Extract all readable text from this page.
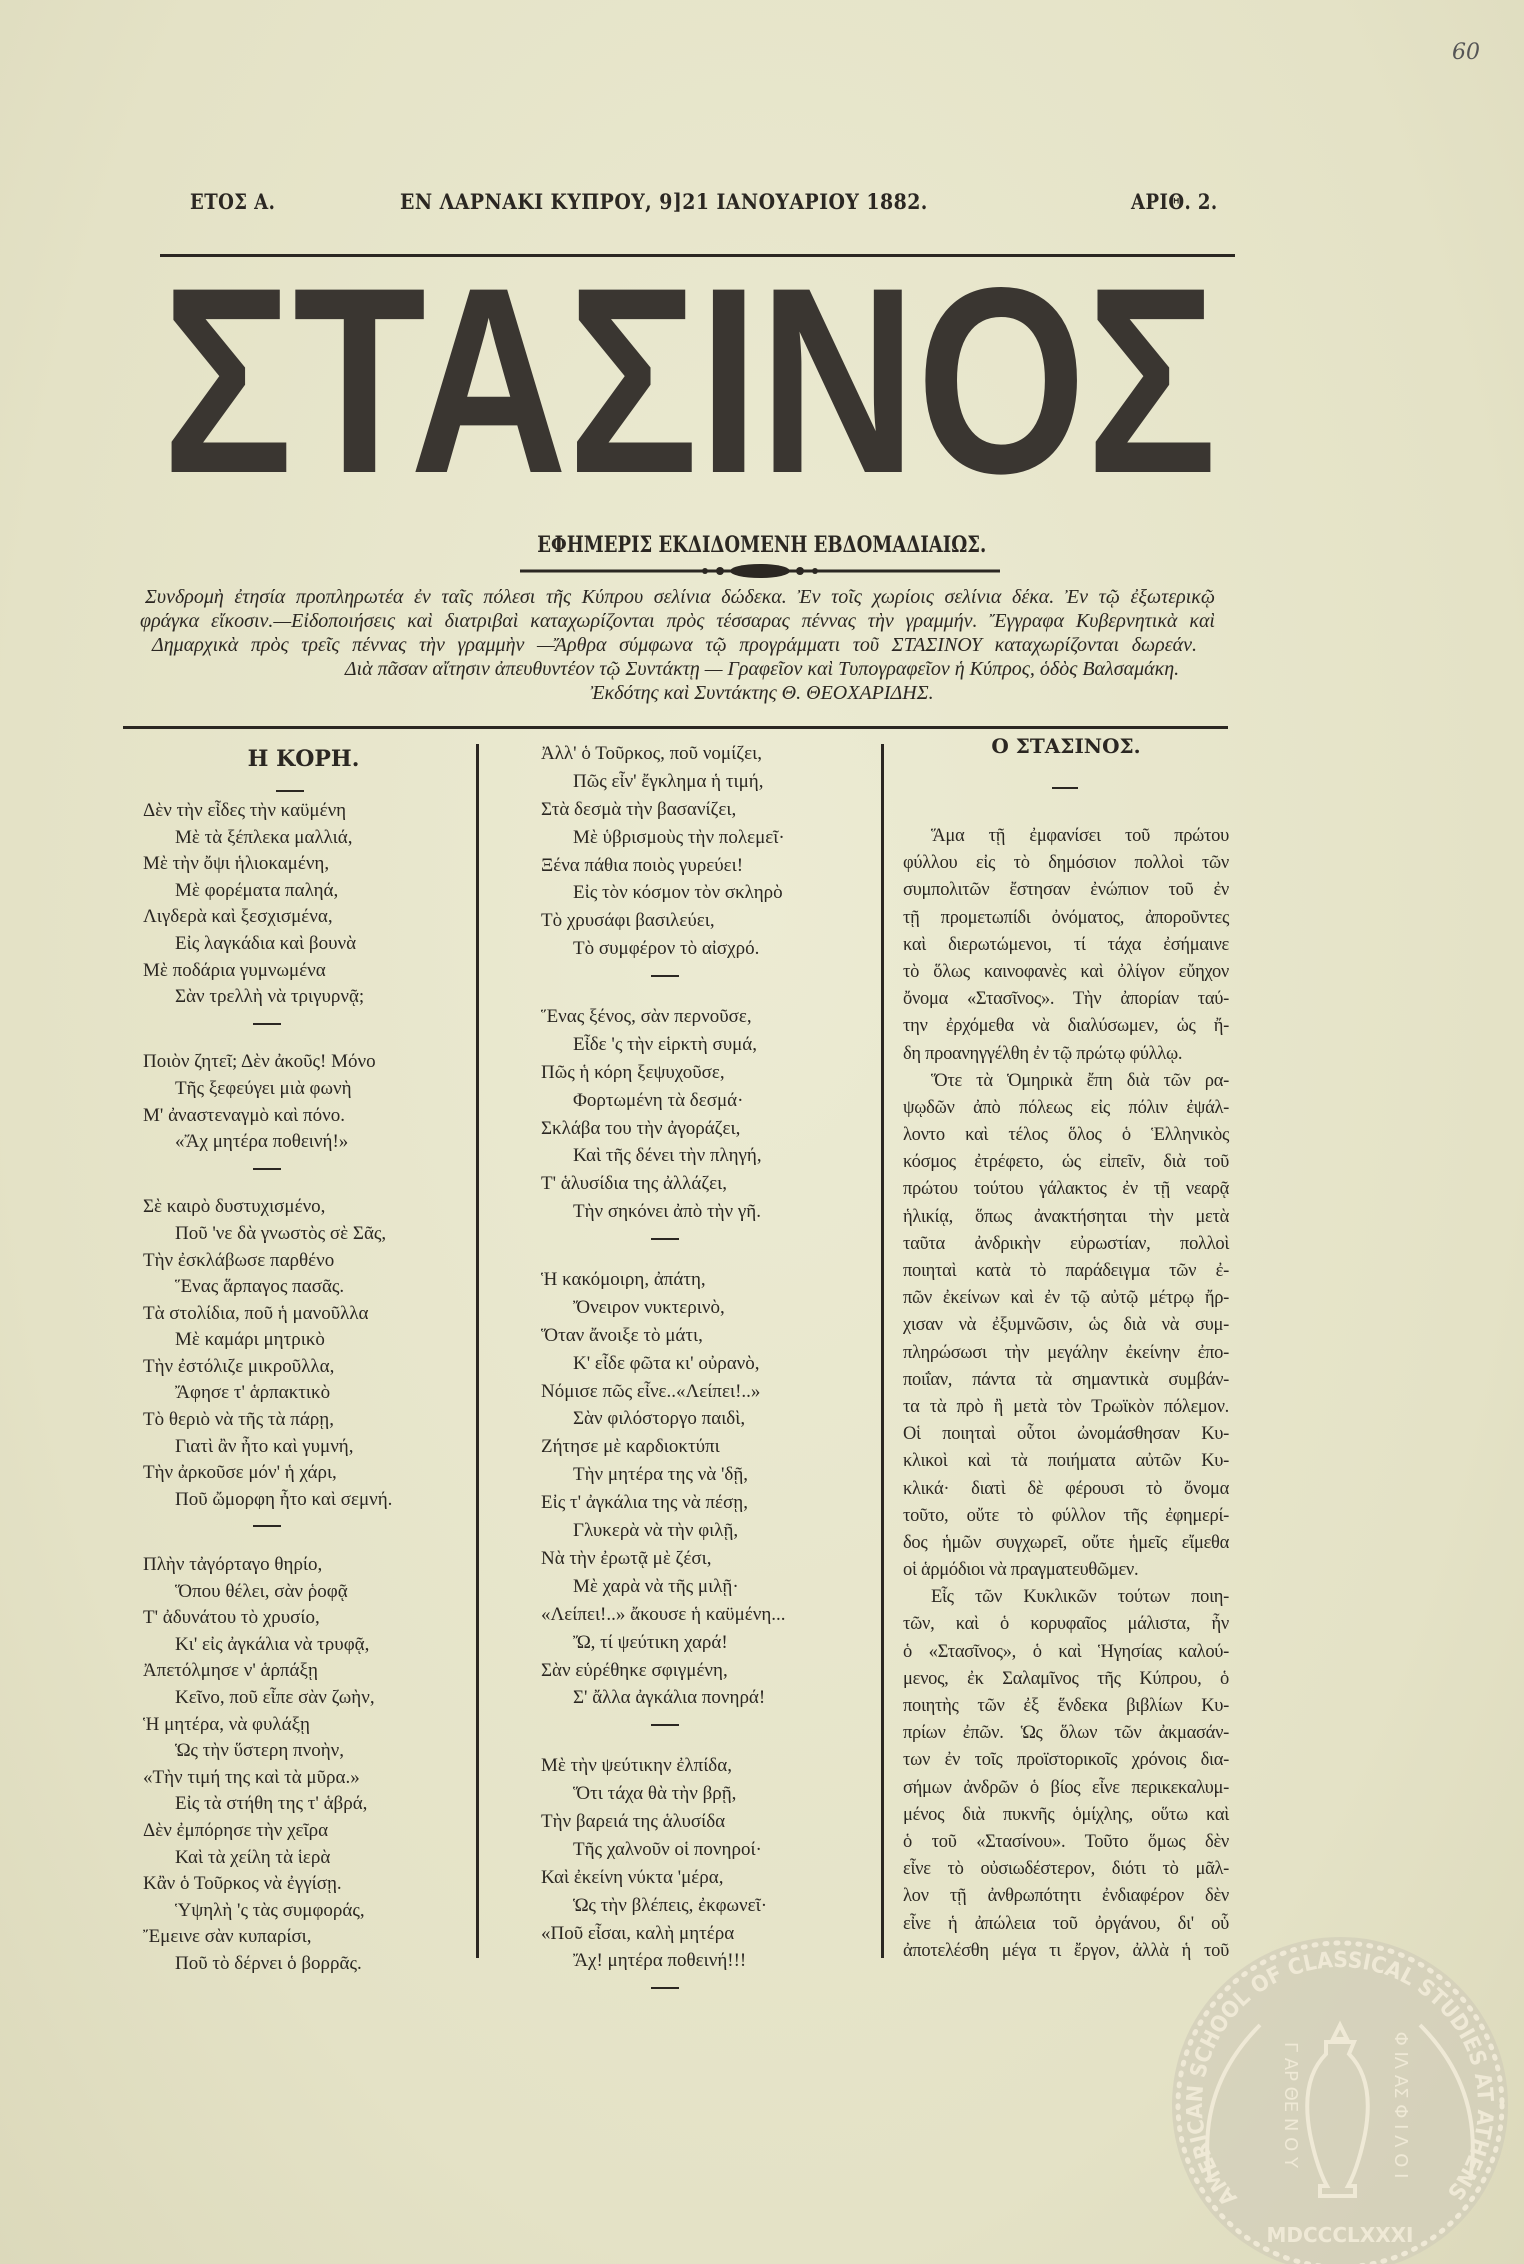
60
ΕΤΟΣ Α.	ΕΝ ΛΑΡΝΑΚΙ ΚΥΠΡΟΥ, 9]21 ΙΑΝΟΥΑΡΙΟΥ 1882.	ΑΡΙΘ. 2.
ΣΤΑΣΙΝΟΣ
ΕΦΗΜΕΡΙΣ ΕΚΔΙΔΟΜΕΝΗ ΕΒΔΟΜΑΔΙΑΙΩΣ.
Συνδρομὴ ἐτησία προπληρωτέα ἐν ταῖς πόλεσι τῆς Κύπρου σελίνια δώδεκα. Ἐν τοῖς χωρίοις σελίνια δέκα. Ἐν τῷ ἐξωτερικῷ
φράγκα εἴκοσιν.—Εἰδοποιήσεις καὶ διατριβαὶ καταχωρίζονται πρὸς τέσσαρας πέννας τὴν γραμμήν. Ἔγγραφα Κυβερνητικὰ καὶ
Δημαρχικὰ πρὸς τρεῖς πέννας τὴν γραμμὴν —Ἄρθρα σύμφωνα τῷ προγράμματι τοῦ ΣΤΑΣΙΝΟΥ καταχωρίζονται δωρεάν.
Διὰ πᾶσαν αἴτησιν ἀπευθυντέον τῷ Συντάκτῃ — Γραφεῖον καὶ Τυπογραφεῖον ἡ Κύπρος, ὁδὸς Βαλσαμάκη.
Ἐκδότης καὶ Συντάκτης Θ. ΘΕΟΧΑΡΙΔΗΣ.
Η ΚΟΡΗ.
Δὲν τὴν εἶδες τὴν καϋμένη
Μὲ τὰ ξέπλεκα μαλλιά,
Μὲ τὴν ὄψι ἡλιοκαμένη,
Μὲ φορέματα παληά,
Λιγδερὰ καὶ ξεσχισμένα,
Εἰς λαγκάδια καὶ βουνὰ
Μὲ ποδάρια γυμνωμένα
Σὰν τρελλὴ νὰ τριγυρνᾷ;
Ποιὸν ζητεῖ; Δὲν ἀκοῦς! Μόνο
Τῆς ξεφεύγει μιὰ φωνὴ
Μ' ἀναστεναγμὸ καὶ πόνο.
«Ἄχ μητέρα ποθεινή!»
Σὲ καιρὸ δυστυχισμένο,
Ποῦ 'νε δὰ γνωστὸς σὲ Σᾶς,
Τὴν ἐσκλάβωσε παρθένο
Ἕνας ἅρπαγος πασᾶς.
Τὰ στολίδια, ποῦ ἡ μανοῦλλα
Μὲ καμάρι μητρικὸ
Τὴν ἐστόλιζε μικροῦλλα,
Ἄφησε τ' ἁρπακτικὸ
Τὸ θεριὸ νὰ τῆς τὰ πάρῃ,
Γιατὶ ἂν ἦτο καὶ γυμνή,
Τὴν ἀρκοῦσε μόν' ἡ χάρι,
Ποῦ ὤμορφη ἦτο καὶ σεμνή.
Πλὴν τἀγόρταγο θηρίο,
Ὅπου θέλει, σὰν ῥοφᾷ
Τ' ἀδυνάτου τὸ χρυσίο,
Κι' εἰς ἀγκάλια νὰ τρυφᾷ,
Ἀπετόλμησε ν' ἁρπάξῃ
Κεῖνο, ποῦ εἶπε σὰν ζωὴν,
Ἡ μητέρα, νὰ φυλάξῃ
Ὡς τὴν ὕστερη πνοὴν,
«Τὴν τιμή της καὶ τὰ μῦρα.»
Εἰς τὰ στήθη της τ' ἁβρά,
Δὲν ἐμπόρησε τὴν χεῖρα
Καὶ τὰ χείλη τὰ ἱερὰ
Κἂν ὁ Τοῦρκος νὰ ἐγγίσῃ.
Ὑψηλὴ 'ς τὰς συμφοράς,
Ἔμεινε σὰν κυπαρίσι,
Ποῦ τὸ δέρνει ὁ βορρᾶς.
Ἀλλ' ὁ Τοῦρκος, ποῦ νομίζει,
Πῶς εἶν' ἔγκλημα ἡ τιμή,
Στὰ δεσμὰ τὴν βασανίζει,
Μὲ ὑβρισμοὺς τὴν πολεμεῖ·
Ξένα πάθια ποιὸς γυρεύει!
Εἰς τὸν κόσμον τὸν σκληρὸ
Τὸ χρυσάφι βασιλεύει,
Τὸ συμφέρον τὸ αἰσχρό.
Ἕνας ξένος, σὰν περνοῦσε,
Εἶδε 'ς τὴν εἱρκτὴ συμά,
Πῶς ἡ κόρη ξεψυχοῦσε,
Φορτωμένη τὰ δεσμά·
Σκλάβα του τὴν ἀγοράζει,
Καὶ τῆς δένει τὴν πληγή,
Τ' ἁλυσίδια της ἀλλάζει,
Τὴν σηκόνει ἀπὸ τὴν γῆ.
Ἡ κακόμοιρη, ἀπάτη,
Ὄνειρον νυκτερινὸ,
Ὅταν ἄνοιξε τὸ μάτι,
Κ' εἶδε φῶτα κι' οὐρανὸ,
Νόμισε πῶς εἶνε..«Λείπει!..»
Σὰν φιλόστοργο παιδὶ,
Ζήτησε μὲ καρδιοκτύπι
Τὴν μητέρα της νὰ 'δῇ,
Εἰς τ' ἀγκάλια της νὰ πέσῃ,
Γλυκερὰ νὰ τὴν φιλῇ,
Νὰ τὴν ἐρωτᾷ μὲ ζέσι,
Μὲ χαρὰ νὰ τῆς μιλῇ·
«Λείπει!..» ἄκουσε ἡ καϋμένη...
Ὤ, τί ψεύτικη χαρά!
Σὰν εὑρέθηκε σφιγμένη,
Σ' ἄλλα ἀγκάλια πονηρά!
Μὲ τὴν ψεύτικην ἐλπίδα,
Ὅτι τάχα θὰ τὴν βρῇ,
Τὴν βαρειά της ἁλυσίδα
Τῆς χαλνοῦν οἱ πονηροί·
Καὶ ἐκείνη νύκτα 'μέρα,
Ὡς τὴν βλέπεις, ἐκφωνεῖ·
«Ποῦ εἶσαι, καλὴ μητέρα
Ἄχ! μητέρα ποθεινή!!!
Ο ΣΤΑΣΙΝΟΣ.
Ἅμα τῇ ἐμφανίσει τοῦ πρώτου
φύλλου εἰς τὸ δημόσιον πολλοὶ τῶν
συμπολιτῶν ἔστησαν ἐνώπιον τοῦ ἐν
τῇ προμετωπίδι ὀνόματος, ἀποροῦντες
καὶ διερωτώμενοι, τί τάχα ἐσήμαινε
τὸ ὅλως καινοφανὲς καὶ ὀλίγον εὔηχον
ὄνομα «Στασῖνος». Τὴν ἀπορίαν ταύ-
την ἐρχόμεθα νὰ διαλύσωμεν, ὡς ἤ-
δη προανηγγέλθη ἐν τῷ πρώτῳ φύλλῳ.
Ὅτε τὰ Ὁμηρικὰ ἔπη διὰ τῶν ρα-
ψῳδῶν ἀπὸ πόλεως εἰς πόλιν ἐψάλ-
λοντο καὶ τέλος ὅλος ὁ Ἑλληνικὸς
κόσμος ἐτρέφετο, ὡς εἰπεῖν, διὰ τοῦ
πρώτου τούτου γάλακτος ἐν τῇ νεαρᾷ
ἡλικίᾳ, ὅπως ἀνακτήσηται τὴν μετὰ
ταῦτα ἀνδρικὴν εὐρωστίαν, πολλοὶ
ποιηταὶ κατὰ τὸ παράδειγμα τῶν ἐ-
πῶν ἐκείνων καὶ ἐν τῷ αὐτῷ μέτρῳ ἤρ-
χισαν νὰ ἐξυμνῶσιν, ὡς διὰ νὰ συμ-
πληρώσωσι τὴν μεγάλην ἐκείνην ἐπο-
ποιΐαν, πάντα τὰ σημαντικὰ συμβάν-
τα τὰ πρὸ ἢ μετὰ τὸν Τρωϊκὸν πόλεμον.
Οἱ ποιηταὶ οὗτοι ὠνομάσθησαν Κυ-
κλικοὶ καὶ τὰ ποιήματα αὐτῶν Κυ-
κλικά· διατὶ δὲ φέρουσι τὸ ὄνομα
τοῦτο, οὔτε τὸ φύλλον τῆς ἐφημερί-
δος ἡμῶν συγχωρεῖ, οὔτε ἡμεῖς εἴμεθα
οἱ ἁρμόδιοι νὰ πραγματευθῶμεν.
Εἷς τῶν Κυκλικῶν τούτων ποιη-
τῶν, καὶ ὁ κορυφαῖος μάλιστα, ἦν
ὁ «Στασῖνος», ὁ καὶ Ἡγησίας καλού-
μενος, ἐκ Σαλαμῖνος τῆς Κύπρου, ὁ
ποιητὴς τῶν ἐξ ἕνδεκα βιβλίων Κυ-
πρίων ἐπῶν. Ὡς ὅλων τῶν ἀκμασάν-
των ἐν τοῖς προϊστορικοῖς χρόνοις δια-
σήμων ἀνδρῶν ὁ βίος εἶνε περικεκαλυμ-
μένος διὰ πυκνῆς ὁμίχλης, οὕτω καὶ
ὁ τοῦ «Στασίνου». Τοῦτο ὅμως δὲν
εἶνε τὸ οὐσιωδέστερον, διότι τὸ μᾶλ-
λον τῇ ἀνθρωπότητι ἐνδιαφέρον δὲν
εἶνε ἡ ἀπώλεια τοῦ ὀργάνου, δι' οὗ
ἀποτελέσθη μέγα τι ἔργον, ἀλλὰ ἡ τοῦ
AMERICAN SCHOOL OF CLASSICAL STUDIES AT ATHENS
MDCCCLXXXI
Γ ΑΡ ΘΕ Ν Ο Υ	Φ ΙΛ ΑΣ Φ Ι Λ Ο Ι
